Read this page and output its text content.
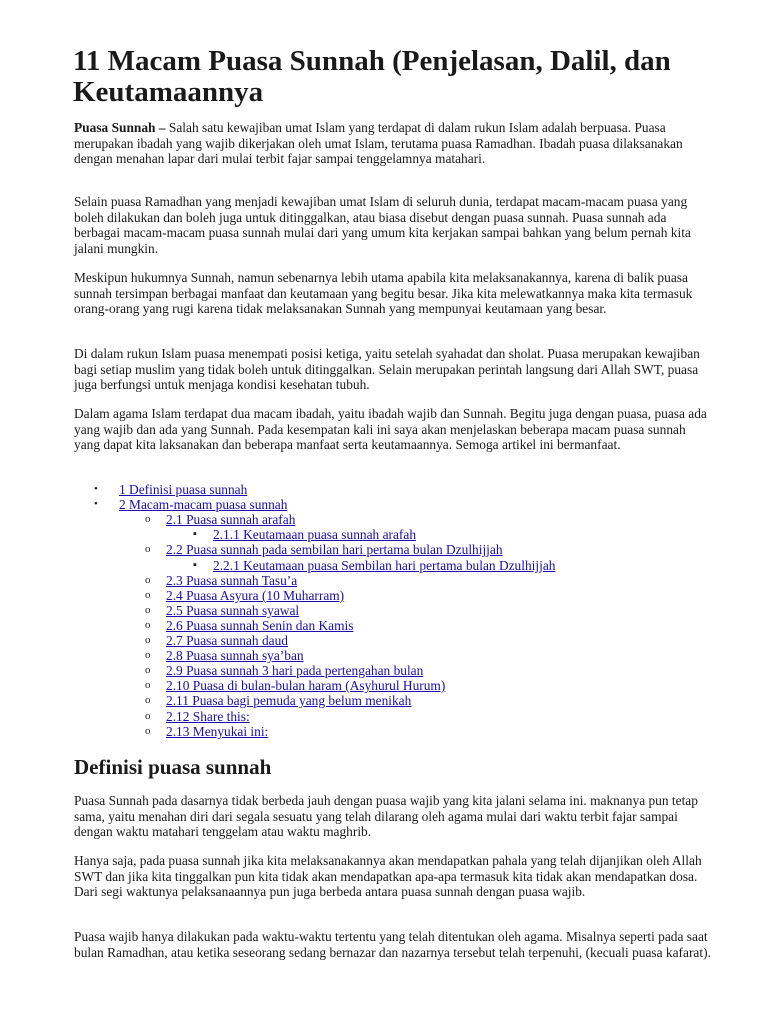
11 Macam Puasa Sunnah (Penjelasan, Dalil, dan Keutamaannya

Puasa Sunnah – Salah satu kewajiban umat Islam yang terdapat di dalam rukun Islam adalah berpuasa. Puasa merupakan ibadah yang wajib dikerjakan oleh umat Islam, terutama puasa Ramadhan. Ibadah puasa dilaksanakan dengan menahan lapar dari mulai terbit fajar sampai tenggelamnya matahari.

Selain puasa Ramadhan yang menjadi kewajiban umat Islam di seluruh dunia, terdapat macam-macam puasa yang boleh dilakukan dan boleh juga untuk ditinggalkan, atau biasa disebut dengan puasa sunnah. Puasa sunnah ada berbagai macam-macam puasa sunnah mulai dari yang umum kita kerjakan sampai bahkan yang belum pernah kita jalani mungkin.

Meskipun hukumnya Sunnah, namun sebenarnya lebih utama apabila kita melaksanakannya, karena di balik puasa sunnah tersimpan berbagai manfaat dan keutamaan yang begitu besar. Jika kita melewatkannya maka kita termasuk orang-orang yang rugi karena tidak melaksanakan Sunnah yang mempunyai keutamaan yang besar.

Di dalam rukun Islam puasa menempati posisi ketiga, yaitu setelah syahadat dan sholat. Puasa merupakan kewajiban bagi setiap muslim yang tidak boleh untuk ditinggalkan. Selain merupakan perintah langsung dari Allah SWT, puasa juga berfungsi untuk menjaga kondisi kesehatan tubuh.

Dalam agama Islam terdapat dua macam ibadah, yaitu ibadah wajib dan Sunnah. Begitu juga dengan puasa, puasa ada yang wajib dan ada yang Sunnah. Pada kesempatan kali ini saya akan menjelaskan beberapa macam puasa sunnah yang dapat kita laksanakan dan beberapa manfaat serta keutamaannya. Semoga artikel ini bermanfaat.

• 1 Definisi puasa sunnah
• 2 Macam-macam puasa sunnah
o 2.1 Puasa sunnah arafah
▪ 2.1.1 Keutamaan puasa sunnah arafah
o 2.2 Puasa sunnah pada sembilan hari pertama bulan Dzulhijjah
▪ 2.2.1 Keutamaan puasa Sembilan hari pertama bulan Dzulhijjah
o 2.3 Puasa sunnah Tasu’a
o 2.4 Puasa Asyura (10 Muharram)
o 2.5 Puasa sunnah syawal
o 2.6 Puasa sunnah Senin dan Kamis
o 2.7 Puasa sunnah daud
o 2.8 Puasa sunnah sya’ban
o 2.9 Puasa sunnah 3 hari pada pertengahan bulan
o 2.10 Puasa di bulan-bulan haram (Asyhurul Hurum)
o 2.11 Puasa bagi pemuda yang belum menikah
o 2.12 Share this:
o 2.13 Menyukai ini:
Definisi puasa sunnah

Puasa Sunnah pada dasarnya tidak berbeda jauh dengan puasa wajib yang kita jalani selama ini. maknanya pun tetap sama, yaitu menahan diri dari segala sesuatu yang telah dilarang oleh agama mulai dari waktu terbit fajar sampai dengan waktu matahari tenggelam atau waktu maghrib.

Hanya saja, pada puasa sunnah jika kita melaksanakannya akan mendapatkan pahala yang telah dijanjikan oleh Allah SWT dan jika kita tinggalkan pun kita tidak akan mendapatkan apa-apa termasuk kita tidak akan mendapatkan dosa. Dari segi waktunya pelaksanaannya pun juga berbeda antara puasa sunnah dengan puasa wajib.

Puasa wajib hanya dilakukan pada waktu-waktu tertentu yang telah ditentukan oleh agama. Misalnya seperti pada saat bulan Ramadhan, atau ketika seseorang sedang bernazar dan nazarnya tersebut telah terpenuhi, (kecuali puasa kafarat).
